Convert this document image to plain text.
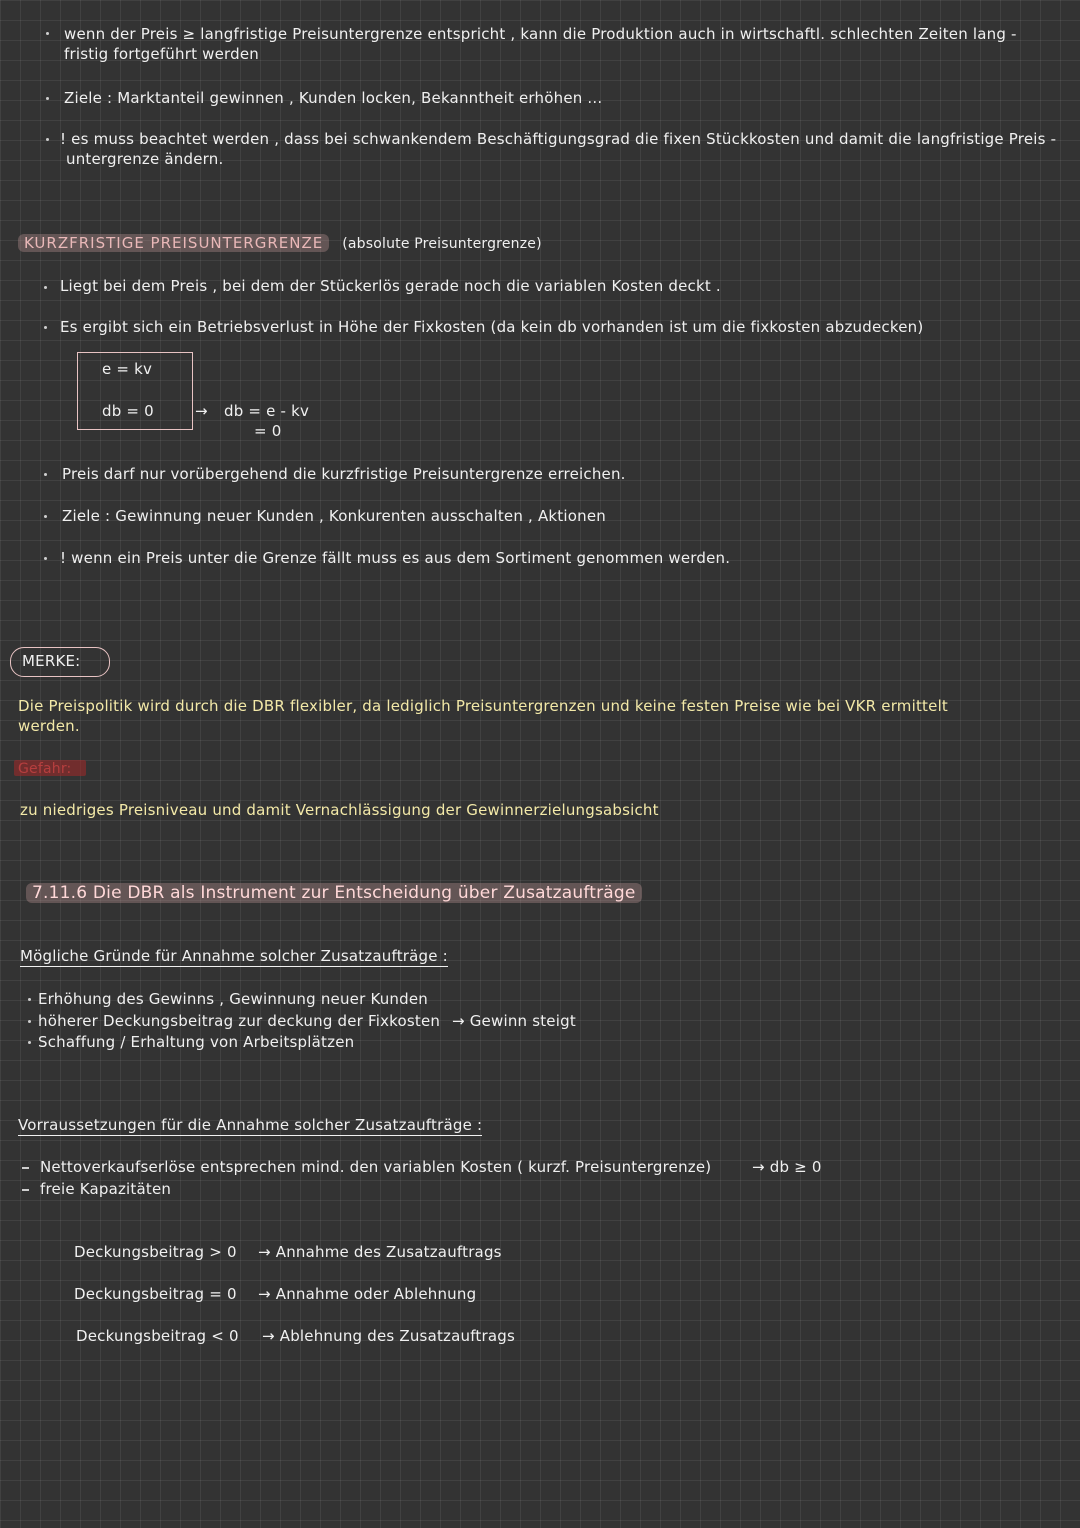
wenn der Preis ≥ langfristige Preisuntergrenze entspricht , kann die Produktion auch in wirtschaftl. schlechten Zeiten lang -
fristig fortgeführt werden
Ziele : Marktanteil gewinnen , Kunden locken, Bekanntheit erhöhen ...
! es muss beachtet werden , dass bei schwankendem Beschäftigungsgrad die fixen Stückkosten und damit die langfristige Preis -
untergrenze ändern.
KURZFRISTIGE PREISUNTERGRENZE (absolute Preisuntergrenze)
Liegt bei dem Preis , bei dem der Stückerlös gerade noch die variablen Kosten deckt .
Es ergibt sich ein Betriebsverlust in Höhe der Fixkosten (da kein db vorhanden ist um die fixkosten abzudecken)
e = kv
db = 0	→ db = e - kv
= 0
Preis darf nur vorübergehend die kurzfristige Preisuntergrenze erreichen.
Ziele : Gewinnung neuer Kunden , Konkurenten ausschalten , Aktionen
! wenn ein Preis unter die Grenze fällt muss es aus dem Sortiment genommen werden.
MERKE:
Die Preispolitik wird durch die DBR flexibler, da lediglich Preisuntergrenzen und keine festen Preise wie bei VKR ermittelt
werden.
Gefahr:
zu niedriges Preisniveau und damit Vernachlässigung der Gewinnerzielungsabsicht
7.11.6 Die DBR als Instrument zur Entscheidung über Zusatzaufträge
Mögliche Gründe für Annahme solcher Zusatzaufträge :
Erhöhung des Gewinns , Gewinnung neuer Kunden
höherer Deckungsbeitrag zur deckung der Fixkosten → Gewinn steigt
Schaffung / Erhaltung von Arbeitsplätzen
Vorraussetzungen für die Annahme solcher Zusatzaufträge :
Nettoverkaufserlöse entsprechen mind. den variablen Kosten ( kurzf. Preisuntergrenze)	→ db ≥ 0
freie Kapazitäten
Deckungsbeitrag > 0 → Annahme des Zusatzauftrags
Deckungsbeitrag = 0 → Annahme oder Ablehnung
Deckungsbeitrag < 0 → Ablehnung des Zusatzauftrags
